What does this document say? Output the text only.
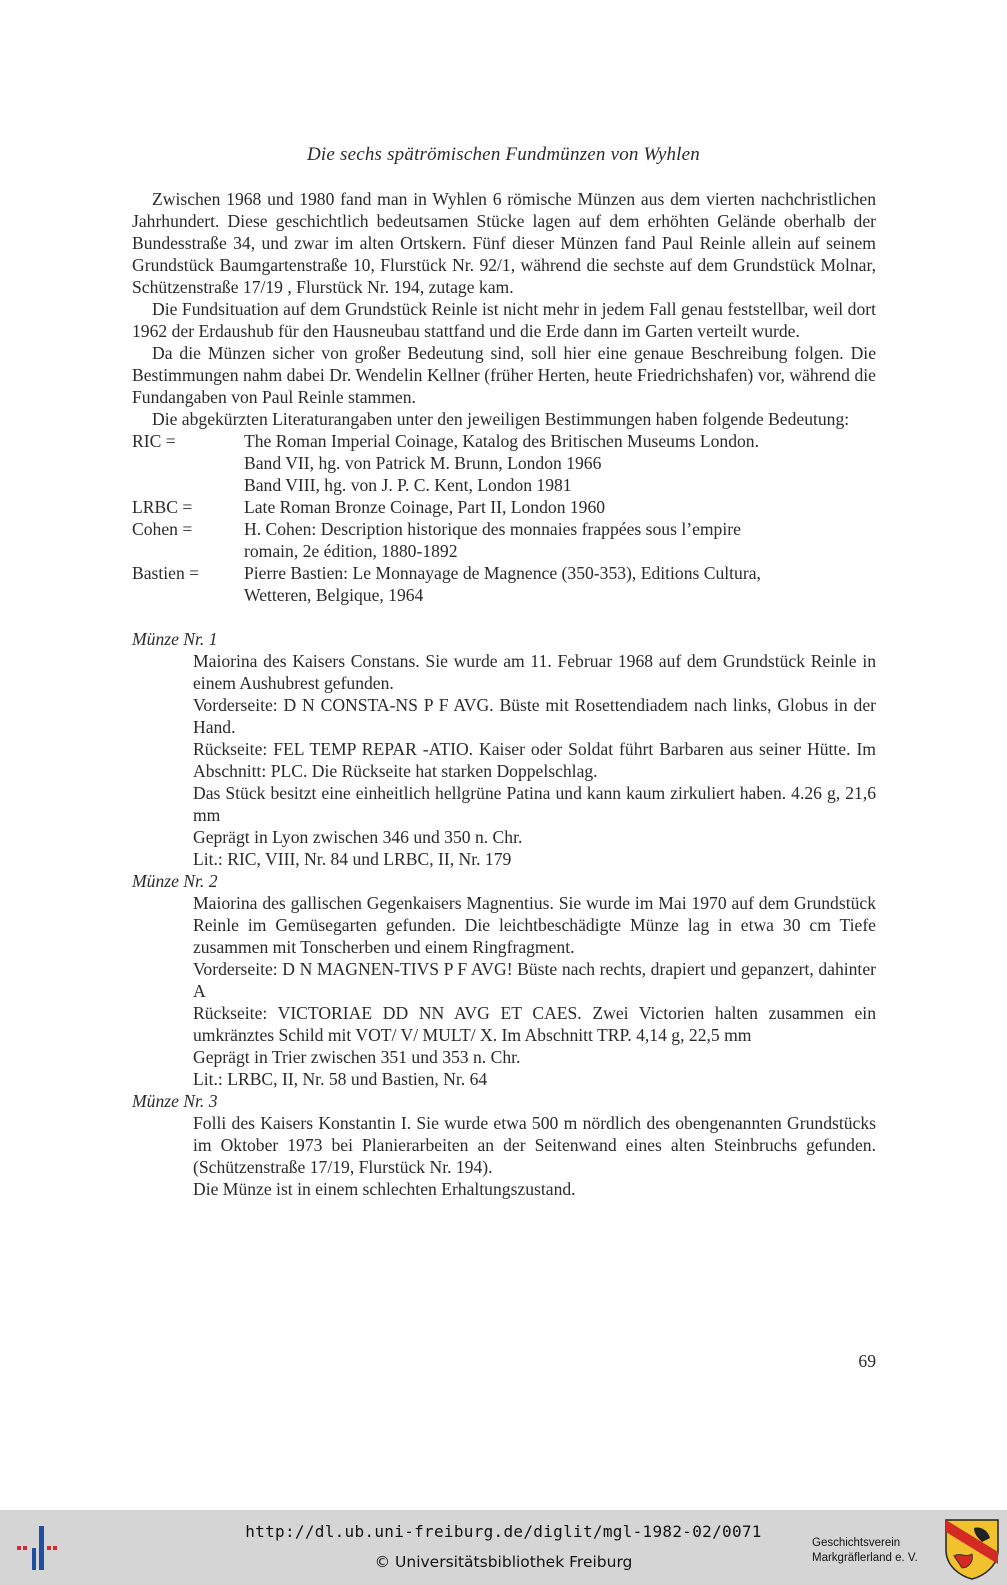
Die sechs spätrömischen Fundmünzen von Wyhlen

Zwischen 1968 und 1980 fand man in Wyhlen 6 römische Münzen aus dem vierten nachchristlichen Jahrhundert. Diese geschichtlich bedeutsamen Stücke lagen auf dem erhöhten Gelände oberhalb der Bundesstraße 34, und zwar im alten Ortskern. Fünf dieser Münzen fand Paul Reinle allein auf seinem Grundstück Baumgartenstraße 10, Flurstück Nr. 92/1, während die sechste auf dem Grundstück Molnar, Schützenstraße 17/19 , Flurstück Nr. 194, zutage kam.

Die Fundsituation auf dem Grundstück Reinle ist nicht mehr in jedem Fall genau feststellbar, weil dort 1962 der Erdaushub für den Hausneubau stattfand und die Erde dann im Garten verteilt wurde.

Da die Münzen sicher von großer Bedeutung sind, soll hier eine genaue Beschreibung folgen. Die Bestimmungen nahm dabei Dr. Wendelin Kellner (früher Herten, heute Friedrichshafen) vor, während die Fundangaben von Paul Reinle stammen.

Die abgekürzten Literaturangaben unter den jeweiligen Bestimmungen haben folgende Bedeutung:

RIC =	The Roman Imperial Coinage, Katalog des Britischen Museums London.
Band VII, hg. von Patrick M. Brunn, London 1966
Band VIII, hg. von J. P. C. Kent, London 1981
LRBC =	Late Roman Bronze Coinage, Part II, London 1960
Cohen =	H. Cohen: Description historique des monnaies frappées sous l’empire
romain, 2e édition, 1880-1892
Bastien =	Pierre Bastien: Le Monnayage de Magnence (350-353), Editions Cultura,
Wetteren, Belgique, 1964
Münze Nr. 1
Maiorina des Kaisers Constans. Sie wurde am 11. Februar 1968 auf dem Grundstück Reinle in einem Aushubrest gefunden.
Vorderseite: D N CONSTA-NS P F AVG. Büste mit Rosettendiadem nach links, Globus in der Hand.
Rückseite: FEL TEMP REPAR -ATIO. Kaiser oder Soldat führt Barbaren aus seiner Hütte. Im Abschnitt: PLC. Die Rückseite hat starken Doppelschlag.
Das Stück besitzt eine einheitlich hellgrüne Patina und kann kaum zirkuliert haben. 4.26 g, 21,6 mm
Geprägt in Lyon zwischen 346 und 350 n. Chr.
Lit.: RIC, VIII, Nr. 84 und LRBC, II, Nr. 179
Münze Nr. 2
Maiorina des gallischen Gegenkaisers Magnentius. Sie wurde im Mai 1970 auf dem Grundstück Reinle im Gemüsegarten gefunden. Die leichtbeschädigte Münze lag in etwa 30 cm Tiefe zusammen mit Tonscherben und einem Ringfragment.
Vorderseite: D N MAGNEN-TIVS P F AVG! Büste nach rechts, drapiert und gepanzert, dahinter A
Rückseite: VICTORIAE DD NN AVG ET CAES. Zwei Victorien halten zusammen ein umkränztes Schild mit VOT/ V/ MULT/ X. Im Abschnitt TRP. 4,14 g, 22,5 mm
Geprägt in Trier zwischen 351 und 353 n. Chr.
Lit.: LRBC, II, Nr. 58 und Bastien, Nr. 64
Münze Nr. 3
Folli des Kaisers Konstantin I. Sie wurde etwa 500 m nördlich des obengenannten Grundstücks im Oktober 1973 bei Planierarbeiten an der Seitenwand eines alten Steinbruchs gefunden. (Schützenstraße 17/19, Flurstück Nr. 194).
Die Münze ist in einem schlechten Erhaltungszustand.
69
http://dl.ub.uni-freiburg.de/diglit/mgl-1982-02/0071
© Universitätsbibliothek Freiburg
Geschichtsverein
Markgräflerland e. V.
